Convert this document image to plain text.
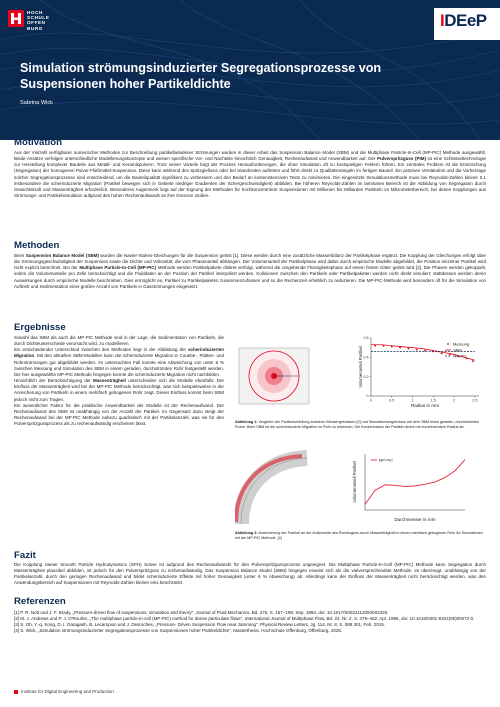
HOCH
SCHULE
OFFEN
BURG	IDEeP
Simulation strömungsinduzierter Segregationsprozesse von Suspensionen hoher Partikeldichte
Sabrina Wick
Motivation
Aus der Vielzahl verfügbarer numerischer Methoden zur Beschreibung partikelbeladener Strömungen wurden in dieser Arbeit das Suspension Balance Model (SBM) und die Multiphase Particle-In-Cell (MP-PIC) Methode ausgewählt. Beide Ansätze verfolgen unterschiedliche Modellierungskonzepte und weisen spezifische Vor- und Nachteile hinsichtlich Genauigkeit, Rechenaufwand und Anwendbarkeit auf. Der Pulverspritzguss (PIM) ist eine Schlüsseltechnologie zur Herstellung komplexer Bauteile aus Metall- und Keramikpulvern. Trotz seiner Vorteile birgt der Prozess Herausforderungen, die ohne Simulation oft zu kostspieligen Fehlern führen. Ein zentrales Problem ist die Entmischung (Segregation) der homogenen Pulver-Fließmittel-Suspension. Diese kann während des Spritzgießens oder bei Standzeiten auftreten und führt direkt zu Qualitätsmängeln im fertigen Bauteil. Ein präzises Verständnis und die Vorhersage solcher Segregationsprozesse sind entscheidend, um die Bauteilqualität signifikant zu verbessern und den Bedarf an kostenintensiven Tests zu minimieren. Die eingesetzte Simulationsmethode muss bei Reynolds-Zahlen kleiner 0,1 insbesondere die scherinduzierte Migration (Partikel bewegen sich in Gebiete niedriger Gradienten der Schergeschwindigkeit) abbilden. Bei höheren Reynolds-Zahlen im laminaren Bereich ist die Abbildung von Segregation durch Gewichtskraft und Massenträgheit erforderlich. Besonderes Augenmerk liegt auf der Eignung der Methoden für hochkonzentrierte Suspensionen mit Millionen bis Milliarden Partikeln im Mikrometerbereich, bei denen Kopplungen aus Strömungs- und Partikelsimulation aufgrund des hohen Rechenaufwands an ihre Grenzen stoßen.
Methoden
Beim Suspension Balance Model (SBM) wurden die Navier-Stokes-Gleichungen für die Suspension gelöst [1]. Diese werden durch eine zusätzliche Massenbilanz der Partikelphase ergänzt. Die Kopplung der Gleichungen erfolgt über die Strömungsgeschwindigkeit der Suspension sowie die Dichte und Viskosität, die vom Phasenanteil abhängen. Der Volumenanteil der Partikelphase wird dabei durch empirische Modelle abgebildet, die Position einzelner Partikel wird nicht explizit berechnet. Bei der Multiphase Particle-In-Cell (MP-PIC) Methode werden Partikelpakete diskret verfolgt, während die umgebende Flüssigkeitsphase auf einem festen Gitter gelöst wird [2]. Die Phasen werden gekoppelt, indem die Volumenanteile pro Zelle berücksichtigt und die Fluiddaten an der Position der Partikel interpoliert werden. Kollisionen zwischen den Partikeln oder Partikelpaketen werden nicht direkt simuliert; stattdessen werden deren Auswirkungen durch empirische Modelle beschrieben. Dies ermöglicht es, Partikel zu Partikelpaketen zusammenzufassen und so die Rechenzeit erheblich zu reduzieren. Die MP-PIC-Methode wird besonders oft für die Simulation von Auftrieb und Sedimentation einer großen Anzahl von Partikeln in Gasströmungen eingesetzt.
Ergebnisse
Sowohl das SBM als auch die MP-PIC Methode sind in der Lage, die Sedimentation von Partikeln, die durch Dichteunterschiede verursacht wird, zu modellieren.
Ein entscheidender Unterschied zwischen den Methoden liegt in der Abbildung der scherinduzierten Migration. Mit den aktuellen SBM-Modellen kann die scherinduzierte Migration in Couette-, Platten- und Rohrströmungen gut abgebildet werden. Im untersuchten Fall konnte eine Abweichung von unter 6 % zwischen Messung und Simulation des SBM in einem geraden, durchströmten Rohr festgestellt werden. Die hier ausgewählte MP-PIC Methode hingegen konnte die scherinduzierte Migration nicht nachbilden.
Hinsichtlich der Berücksichtigung der Massenträgheit unterscheiden sich die Modelle ebenfalls: Der Einfluss der Massenträgheit wird bei der MP-PIC Methode berücksichtigt, was sich beispielsweise in der Anreicherung von Partikeln in einem mehrfach gebogenen Rohr zeigt. Dieser Einfluss kommt beim SBM jedoch nicht zum Tragen.
Ein wesentlicher Faktor für die praktische Anwendbarkeit der Modelle ist der Rechenaufwand. Der Rechenaufwand des SBM ist unabhängig von der Anzahl der Partikel. Im Gegensatz dazu steigt der Rechenaufwand bei der MP-PIC Methode nahezu quadratisch mit der Partikelanzahl, was sie für den Pulverspritzgussprozess als zu rechenaufwändig erscheinen lässt.
0	0.5	1	1.5	2	2.5
0
0.2
0.4
0.6
Radius in mm
Volumenanteil Partikel
Messung
SBM
MP-PIC
Abbildung 1: Vergleich der Partikelverteilung zwischen Messergebnissen [3] und Simulationsergebnisse mit dem SBM eines geraden, durchströmten Rohrs. Beim SBM ist die scherinduzierte Migration im Rohr zu erkennen. Die Konzentration der Partikel nimmt mit zunehmendem Radius ab.
Durchmesser in mm
Volumenanteil Partikel
MP-PIC
Abbildung 2: Anreicherung der Partikel an der Außenseite des Rohrbogens durch Massenträgheit in einem mehrfach gebogenen Rohr für Simulationen mit der MP-PIC Methode. [4]
Fazit
Die Kopplung zweier Smooth Particle Hydrodynamics (SPH) Solver ist aufgrund des Rechenaufwands für den Pulverspritzgussprozess ungeeignet. Die Multiphase Particle-In-Cell (MP-PIC) Methode kann Segregation durch Massenträgheit plausibel abbilden, ist jedoch für den Pulverspritzguss zu rechenaufwändig. Das Suspension Balance Model (SBM) hingegen erweist sich als die vielversprechendste Methode: es überzeugt, unabhängig von der Partikelanzahl, durch den geringen Rechenaufwand und bildet scherinduzierte Effekte mit hoher Genauigkeit (unter 6 % Abweichung) ab. Allerdings kann der Einfluss der Massenträgheit nicht berücksichtigt werden, was den Anwendungsbereich auf Suspensionen mit Reynolds-Zahlen kleiner eins beschränkt.
Referenzen
[1] P. R. Nott und J. F. Brady, „Pressure-driven flow of suspensions: simulation and theory", Journal of Fluid Mechanics, Bd. 275, S. 157–199, Sep. 1994, doi: 10.1017/S0022112094002326.
[2] M. J. Andrews und P. J. O'Rourke, „The multiphase particle-in-cell (MP-PIC) method for dense particulate flows", International Journal of Multiphase Flow, Bd. 22, Nr. 2, S. 379–402, Apr. 1996, doi: 10.1016/0301-9322(95)00072-0.
[3] S. Oh, Y.-q. Song, D. I. Garagash, B. Lecampion und J. Desroches, „Pressure- Driven Suspension Flow near Jamming", Physical Review Letters, Jg. 114, Nr. 8, S. 088 301, Feb. 2015.
[4] S. Wick, „Simulation strömungsinduzierter Segregationsprozesse von Suspensionen hoher Partikeldichte", Masterthesis, Hochschule Offenburg, Offenburg, 2025.
Institute for Digital Engineering and Production
